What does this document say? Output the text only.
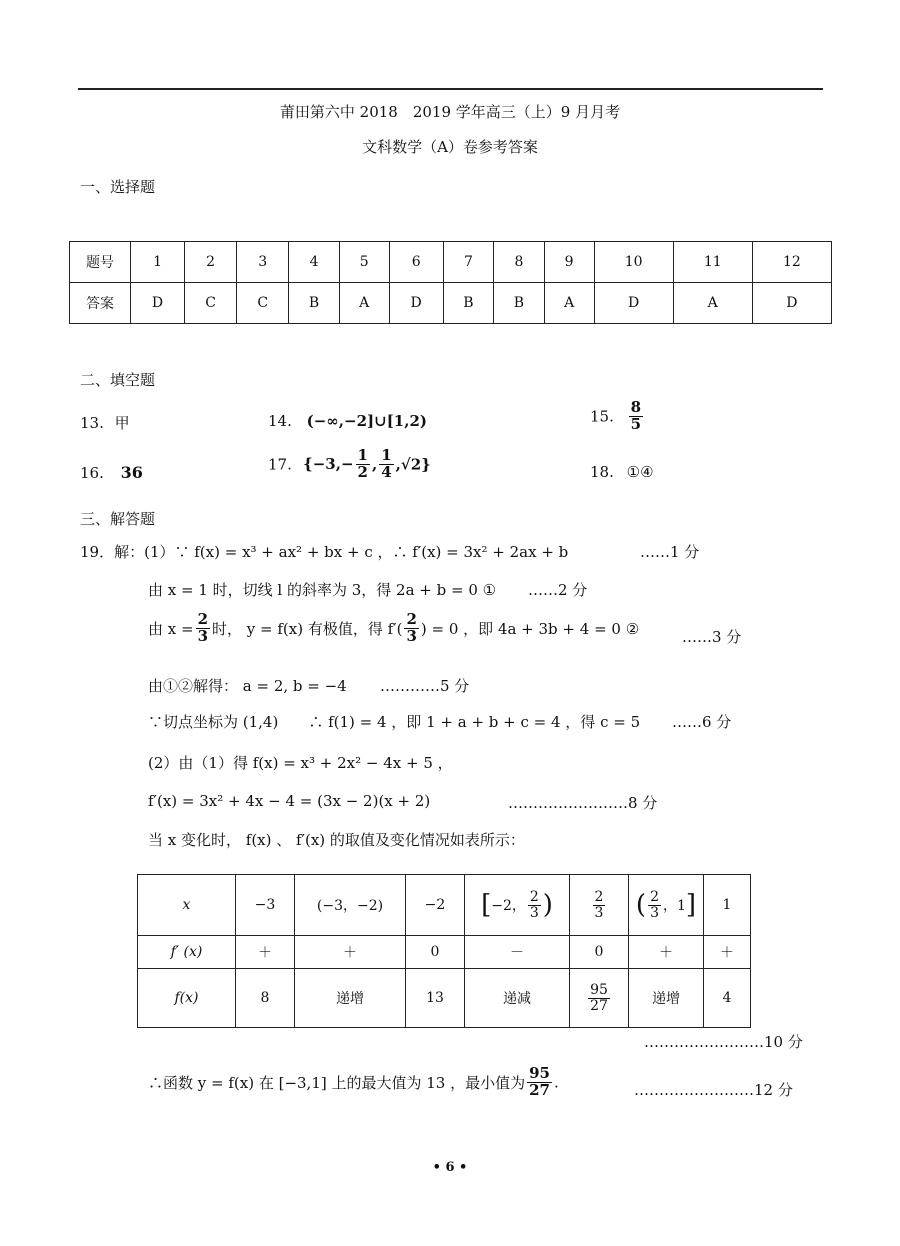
莆田第六中 2018　2019 学年高三（上）9 月月考
文科数学（A）卷参考答案
一、选择题
题号	1	2	3	4	5	6	7	8	9	10	11	12
答案	D	C	C	B	A	D	B	B	A	D	A	D
二、填空题
13. 甲	14. (−∞,−2]∪[1,2)	15. $\frac{8}{5}$
16. 36	17. {$-3,- \frac{1}{2}$ , $\frac{1}{4} ,√2$}	18. ①④
三、解答题
19．解：(1）∵ f(x) = x³ + ax² + bx + c ，∴ f′(x) = 3x² + 2ax + b	……1 分
由 x = 1 时，切线 l 的斜率为 3，得 2a + b = 0 ① ……2 分
由 $x = \frac{2}{3}$ 时， y = f(x) 有极值，得 $f'( \frac{2}{3}$ ) = 0 ，即 4a + 3b + 4 = 0 ②	……3 分
由①②解得： a = 2, b = −4 …………5 分
∵切点坐标为 (1,4)　　∴ f(1) = 4 ，即 1 + a + b + c = 4 ，得 c = 5 ……6 分
(2）由（1）得 f(x) = x³ + 2x² − 4x + 5 ，
f′(x) = 3x² + 4x − 4 = (3x − 2)(x + 2)	……………………8 分
当 x 变化时， f(x) 、 f′(x) 的取值及变化情况如表所示：
x	−3	(−3，−2)	−2	[−2， $\frac{2}{3}$ )	$\frac{2}{3}$	( $\frac{2}{3}$ ，1]	1
f′ (x)	＋	＋	0	－	0	＋	＋
f(x)	8	递增	13	递减	$\frac{95}{27}$	递增	4
……………………10 分
∴函数 y = f(x) 在 [−3,1] 上的最大值为 13 ，最小值为 $\frac{95}{27}$ .	……………………12 分
• 6 •
